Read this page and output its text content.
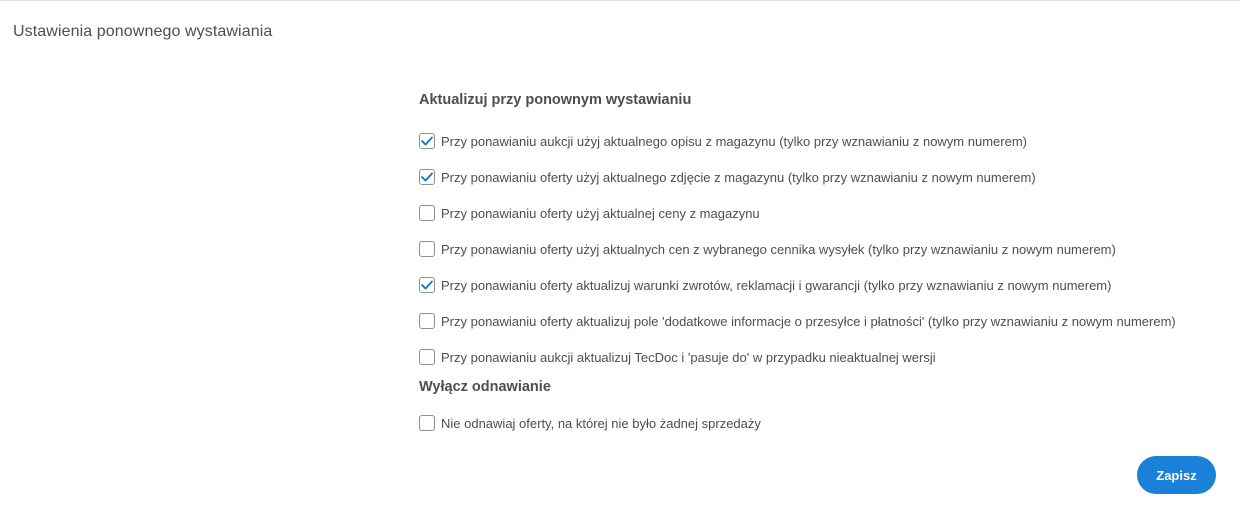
Ustawienia ponownego wystawiania
Aktualizuj przy ponownym wystawianiu
Przy ponawianiu aukcji użyj aktualnego opisu z magazynu (tylko przy wznawianiu z nowym numerem)
Przy ponawianiu oferty użyj aktualnego zdjęcie z magazynu (tylko przy wznawianiu z nowym numerem)
Przy ponawianiu oferty użyj aktualnej ceny z magazynu
Przy ponawianiu oferty użyj aktualnych cen z wybranego cennika wysyłek (tylko przy wznawianiu z nowym numerem)
Przy ponawianiu oferty aktualizuj warunki zwrotów, reklamacji i gwarancji (tylko przy wznawianiu z nowym numerem)
Przy ponawianiu oferty aktualizuj pole 'dodatkowe informacje o przesyłce i płatności' (tylko przy wznawianiu z nowym numerem)
Przy ponawianiu aukcji aktualizuj TecDoc i 'pasuje do' w przypadku nieaktualnej wersji
Wyłącz odnawianie
Nie odnawiaj oferty, na której nie było żadnej sprzedaży
Zapisz
